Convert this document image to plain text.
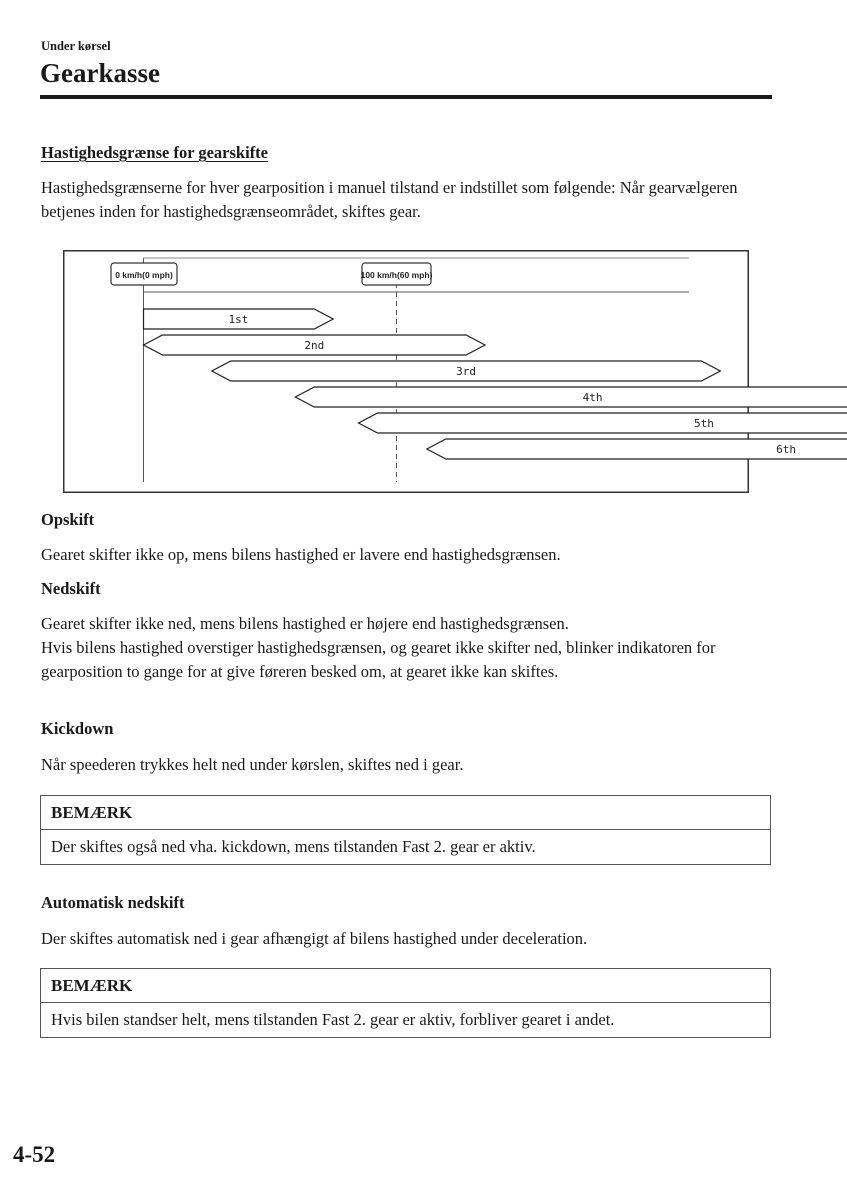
Under kørsel
Gearkasse
Hastighedsgrænse for gearskifte
Hastighedsgrænserne for hver gearposition i manuel tilstand er indstillet som følgende: Når gearvælgeren betjenes inden for hastighedsgrænseområdet, skiftes gear.
0 km/h(0 mph)	100 km/h(60 mph)
1st
2nd
3rd
4th
5th
6th
Opskift
Gearet skifter ikke op, mens bilens hastighed er lavere end hastighedsgrænsen.
Nedskift
Gearet skifter ikke ned, mens bilens hastighed er højere end hastighedsgrænsen.
Hvis bilens hastighed overstiger hastighedsgrænsen, og gearet ikke skifter ned, blinker indikatoren for gearposition to gange for at give føreren besked om, at gearet ikke kan skiftes.
Kickdown
Når speederen trykkes helt ned under kørslen, skiftes ned i gear.
BEMÆRK
Der skiftes også ned vha. kickdown, mens tilstanden Fast 2. gear er aktiv.
Automatisk nedskift
Der skiftes automatisk ned i gear afhængigt af bilens hastighed under deceleration.
BEMÆRK
Hvis bilen standser helt, mens tilstanden Fast 2. gear er aktiv, forbliver gearet i andet.
4-52
